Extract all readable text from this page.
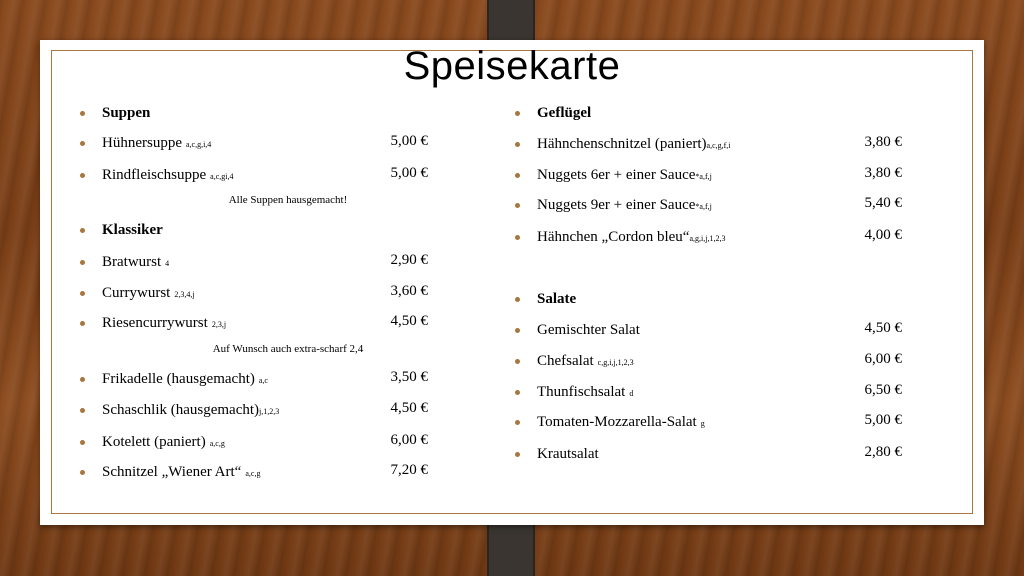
Speisekarte
Suppen
Hühnersuppe a,c,g,i,4	5,00 €
Rindfleischsuppe a,c,gi,4	5,00 €
Alle Suppen hausgemacht!
Klassiker
Bratwurst 4	2,90 €
Currywurst 2,3,4,j	3,60 €
Riesencurrywurst 2,3,j	4,50 €
Auf Wunsch auch extra-scharf 2,4
Frikadelle (hausgemacht) a,c	3,50 €
Schaschlik (hausgemacht)j,1,2,3	4,50 €
Kotelett (paniert) a,c,g	6,00 €
Schnitzel „Wiener Art“ a,c,g	7,20 €
Geflügel
Hähnchenschnitzel (paniert)a,c,g,f,i	3,80 €
Nuggets 6er + einer Sauce*a,f,j	3,80 €
Nuggets 9er + einer Sauce*a,f,j	5,40 €
Hähnchen „Cordon bleu“a,g,i,j,1,2,3	4,00 €
Salate
Gemischter Salat	4,50 €
Chefsalat c,g,i,j,1,2,3	6,00 €
Thunfischsalat d	6,50 €
Tomaten-Mozzarella-Salat g	5,00 €
Krautsalat	2,80 €
